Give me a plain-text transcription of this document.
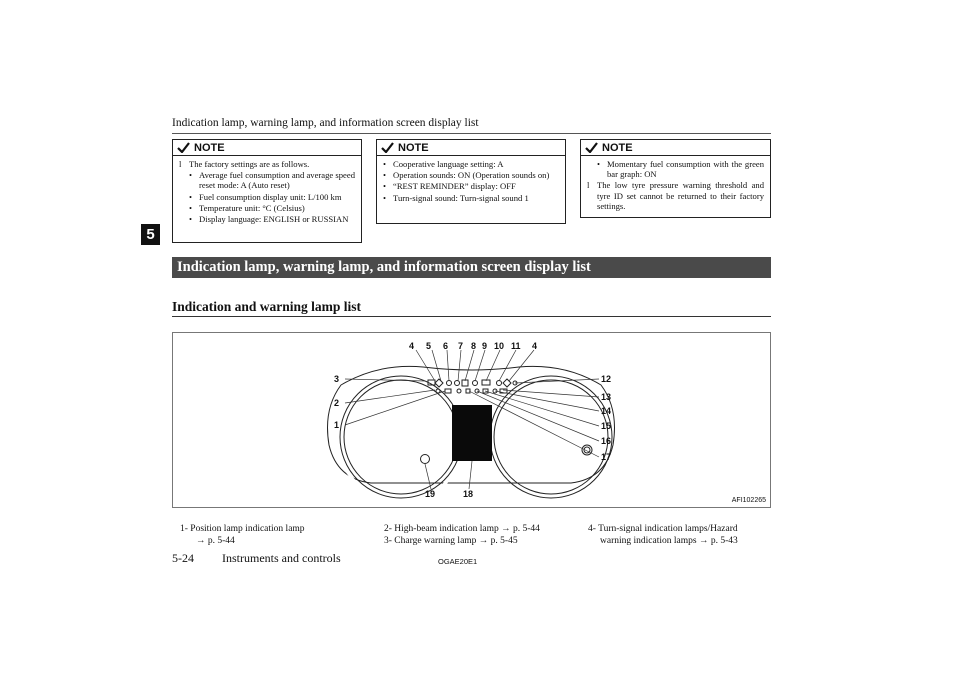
Indication lamp, warning lamp, and information screen display list
5
NOTE
l The factory settings are as follows.
• Average fuel consumption and average speed reset mode: A (Auto reset)
• Fuel consumption display unit: L/100 km
• Temperature unit: °C (Celsius)
• Display language: ENGLISH or RUSSIAN
NOTE
• Cooperative language setting: A
• Operation sounds: ON (Operation sounds on)
• “REST REMINDER” display: OFF
• Turn-signal sound: Turn-signal sound 1
NOTE
• Momentary fuel consumption with the green bar graph: ON
l The low tyre pressure warning threshold and tyre ID set cannot be returned to their factory settings.
Indication lamp, warning lamp, and information screen display list
Indication and warning lamp list
4 5 6 7 8 9 10 11 4
3
2
1
12
13
14
15
16
17
19	18
AFI102265
1- Position lamp indication lamp
→ p. 5-44
2- High-beam indication lamp → p. 5-44
3- Charge warning lamp → p. 5-45
4- Turn-signal indication lamps/Hazard
warning indication lamps → p. 5-43
5-24 Instruments and controls	OGAE20E1
